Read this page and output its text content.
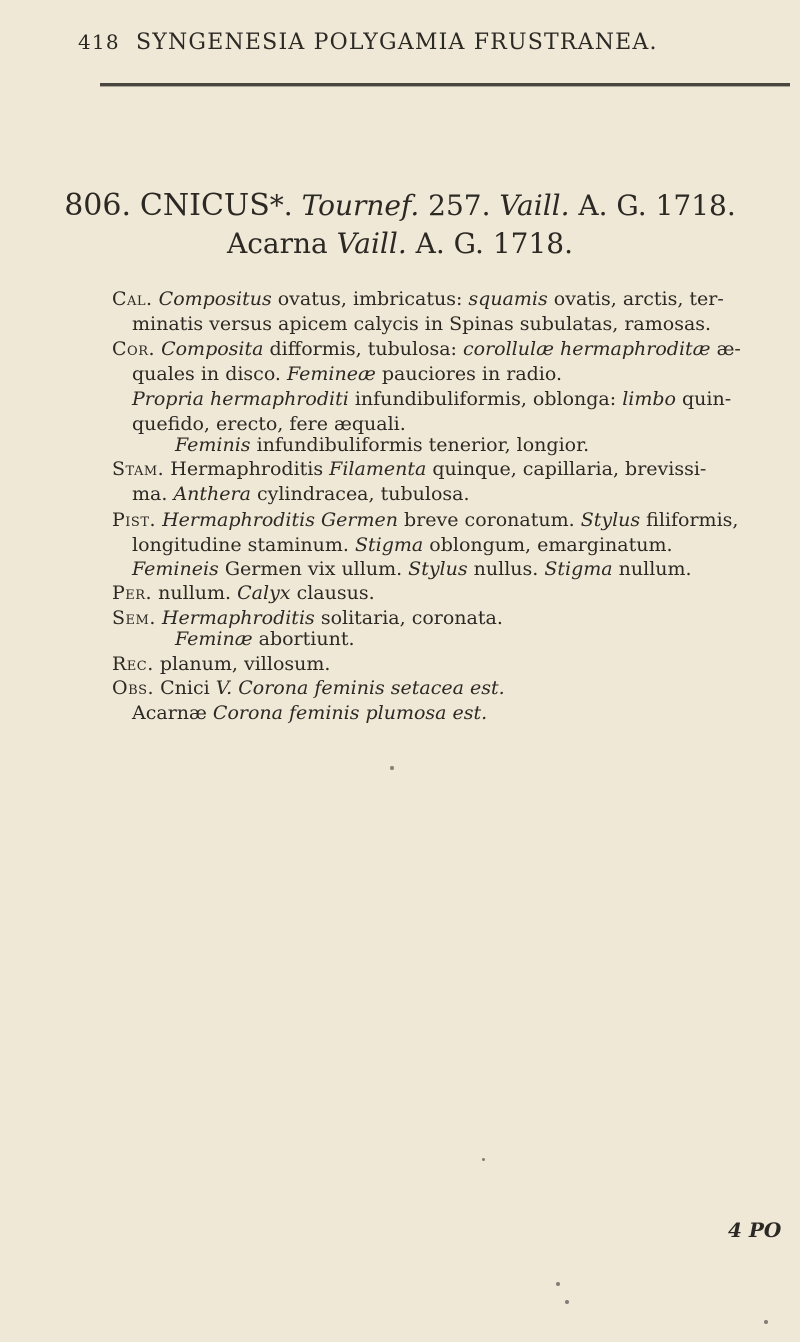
418 SYNGENESIA POLYGAMIA FRUSTRANEA.
806. CNICUS*. Tournef. 257. Vaill. A. G. 1718.
Acarna Vaill. A. G. 1718.
Cal. Compositus ovatus, imbricatus: squamis ovatis, arctis, ter-
minatis versus apicem calycis in Spinas subulatas, ramosas.
Cor. Composita difformis, tubulosa: corollulæ hermaphroditæ æ-
quales in disco. Femineæ pauciores in radio.
Propria hermaphroditi infundibuliformis, oblonga: limbo quin-
quefido, erecto, fere æquali.
Feminis infundibuliformis tenerior, longior.
Stam. Hermaphroditis Filamenta quinque, capillaria, brevissi-
ma. Anthera cylindracea, tubulosa.
Pist. Hermaphroditis Germen breve coronatum. Stylus filiformis,
longitudine staminum. Stigma oblongum, emarginatum.
Femineis Germen vix ullum. Stylus nullus. Stigma nullum.
Per. nullum. Calyx clausus.
Sem. Hermaphroditis solitaria, coronata.
Feminæ abortiunt.
Rec. planum, villosum.
Obs. Cnici V. Corona feminis setacea est.
Acarnæ Corona feminis plumosa est.
4 PO
